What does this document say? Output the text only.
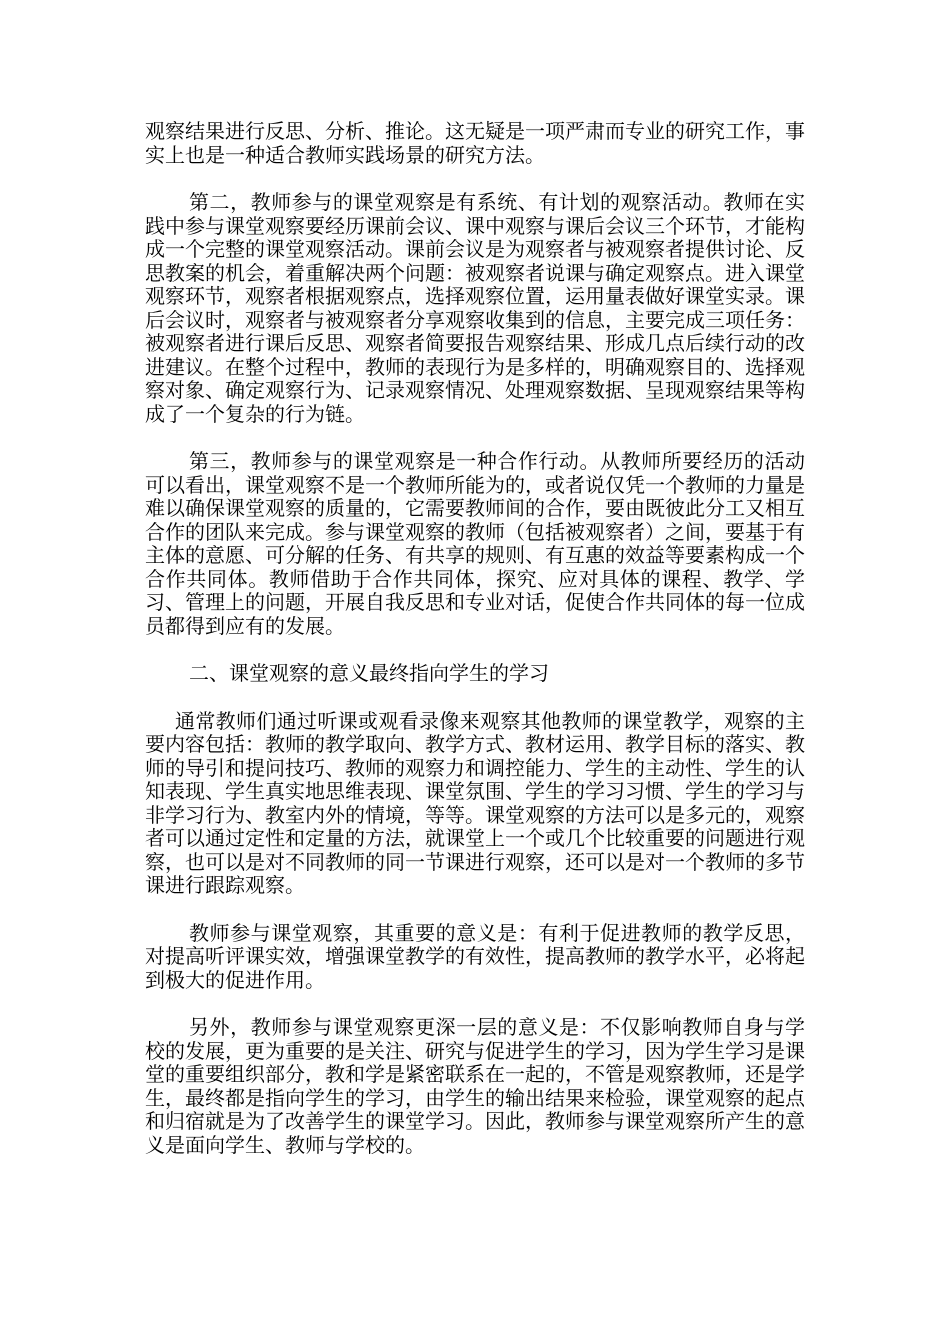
观察结果进行反思、分析、推论。这无疑是一项严肃而专业的研究工作，事实上也是一种适合教师实践场景的研究方法。

第二，教师参与的课堂观察是有系统、有计划的观察活动。教师在实践中参与课堂观察要经历课前会议、课中观察与课后会议三个环节，才能构成一个完整的课堂观察活动。课前会议是为观察者与被观察者提供讨论、反思教案的机会，着重解决两个问题：被观察者说课与确定观察点。进入课堂观察环节，观察者根据观察点，选择观察位置，运用量表做好课堂实录。课后会议时，观察者与被观察者分享观察收集到的信息，主要完成三项任务：被观察者进行课后反思、观察者简要报告观察结果、形成几点后续行动的改进建议。在整个过程中，教师的表现行为是多样的，明确观察目的、选择观察对象、确定观察行为、记录观察情况、处理观察数据、呈现观察结果等构成了一个复杂的行为链。

第三，教师参与的课堂观察是一种合作行动。从教师所要经历的活动可以看出，课堂观察不是一个教师所能为的，或者说仅凭一个教师的力量是难以确保课堂观察的质量的，它需要教师间的合作，要由既彼此分工又相互合作的团队来完成。参与课堂观察的教师（包括被观察者）之间，要基于有主体的意愿、可分解的任务、有共享的规则、有互惠的效益等要素构成一个合作共同体。教师借助于合作共同体，探究、应对具体的课程、教学、学习、管理上的问题，开展自我反思和专业对话，促使合作共同体的每一位成员都得到应有的发展。

二、课堂观察的意义最终指向学生的学习

通常教师们通过听课或观看录像来观察其他教师的课堂教学，观察的主要内容包括：教师的教学取向、教学方式、教材运用、教学目标的落实、教师的导引和提问技巧、教师的观察力和调控能力、学生的主动性、学生的认知表现、学生真实地思维表现、课堂氛围、学生的学习习惯、学生的学习与非学习行为、教室内外的情境，等等。课堂观察的方法可以是多元的，观察者可以通过定性和定量的方法，就课堂上一个或几个比较重要的问题进行观察，也可以是对不同教师的同一节课进行观察，还可以是对一个教师的多节课进行跟踪观察。

教师参与课堂观察，其重要的意义是：有利于促进教师的教学反思，对提高听评课实效，增强课堂教学的有效性，提高教师的教学水平，必将起到极大的促进作用。

另外，教师参与课堂观察更深一层的意义是：不仅影响教师自身与学校的发展，更为重要的是关注、研究与促进学生的学习，因为学生学习是课堂的重要组织部分，教和学是紧密联系在一起的，不管是观察教师，还是学生，最终都是指向学生的学习，由学生的输出结果来检验，课堂观察的起点和归宿就是为了改善学生的课堂学习。因此，教师参与课堂观察所产生的意义是面向学生、教师与学校的。
